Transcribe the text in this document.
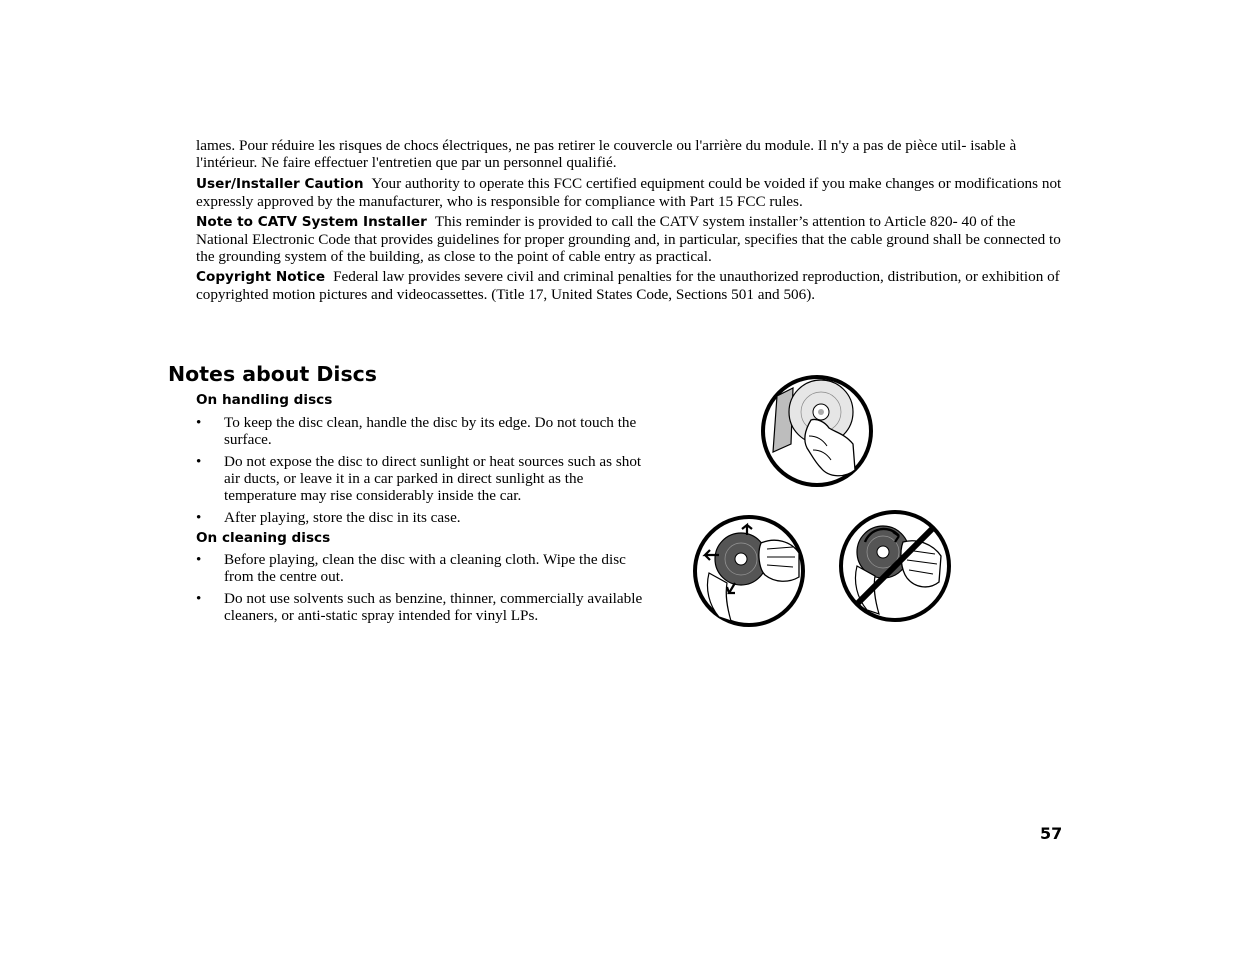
lames. Pour réduire les risques de chocs électriques, ne pas retirer le couvercle ou l'arrière du module. Il n'y a pas de pièce util- isable à l'intérieur. Ne faire effectuer l'entretien que par un personnel qualifié.

User/Installer Caution Your authority to operate this FCC certified equipment could be voided if you make changes or modifications not expressly approved by the manufacturer, who is responsible for compliance with Part 15 FCC rules.

Note to CATV System Installer This reminder is provided to call the CATV system installer’s attention to Article 820- 40 of the National Electronic Code that provides guidelines for proper grounding and, in particular, specifies that the cable ground shall be connected to the grounding system of the building, as close to the point of cable entry as practical.

Copyright Notice Federal law provides severe civil and criminal penalties for the unauthorized reproduction, distribution, or exhibition of copyrighted motion pictures and videocassettes. (Title 17, United States Code, Sections 501 and 506).

Notes about Discs
On handling discs
• To keep the disc clean, handle the disc by its edge. Do not touch the surface.
• Do not expose the disc to direct sunlight or heat sources such as shot air ducts, or leave it in a car parked in direct sunlight as the temperature may rise considerably inside the car.
• After playing, store the disc in its case.
On cleaning discs
• Before playing, clean the disc with a cleaning cloth. Wipe the disc from the centre out.
• Do not use solvents such as benzine, thinner, commercially available cleaners, or anti-static spray intended for vinyl LPs.

57
